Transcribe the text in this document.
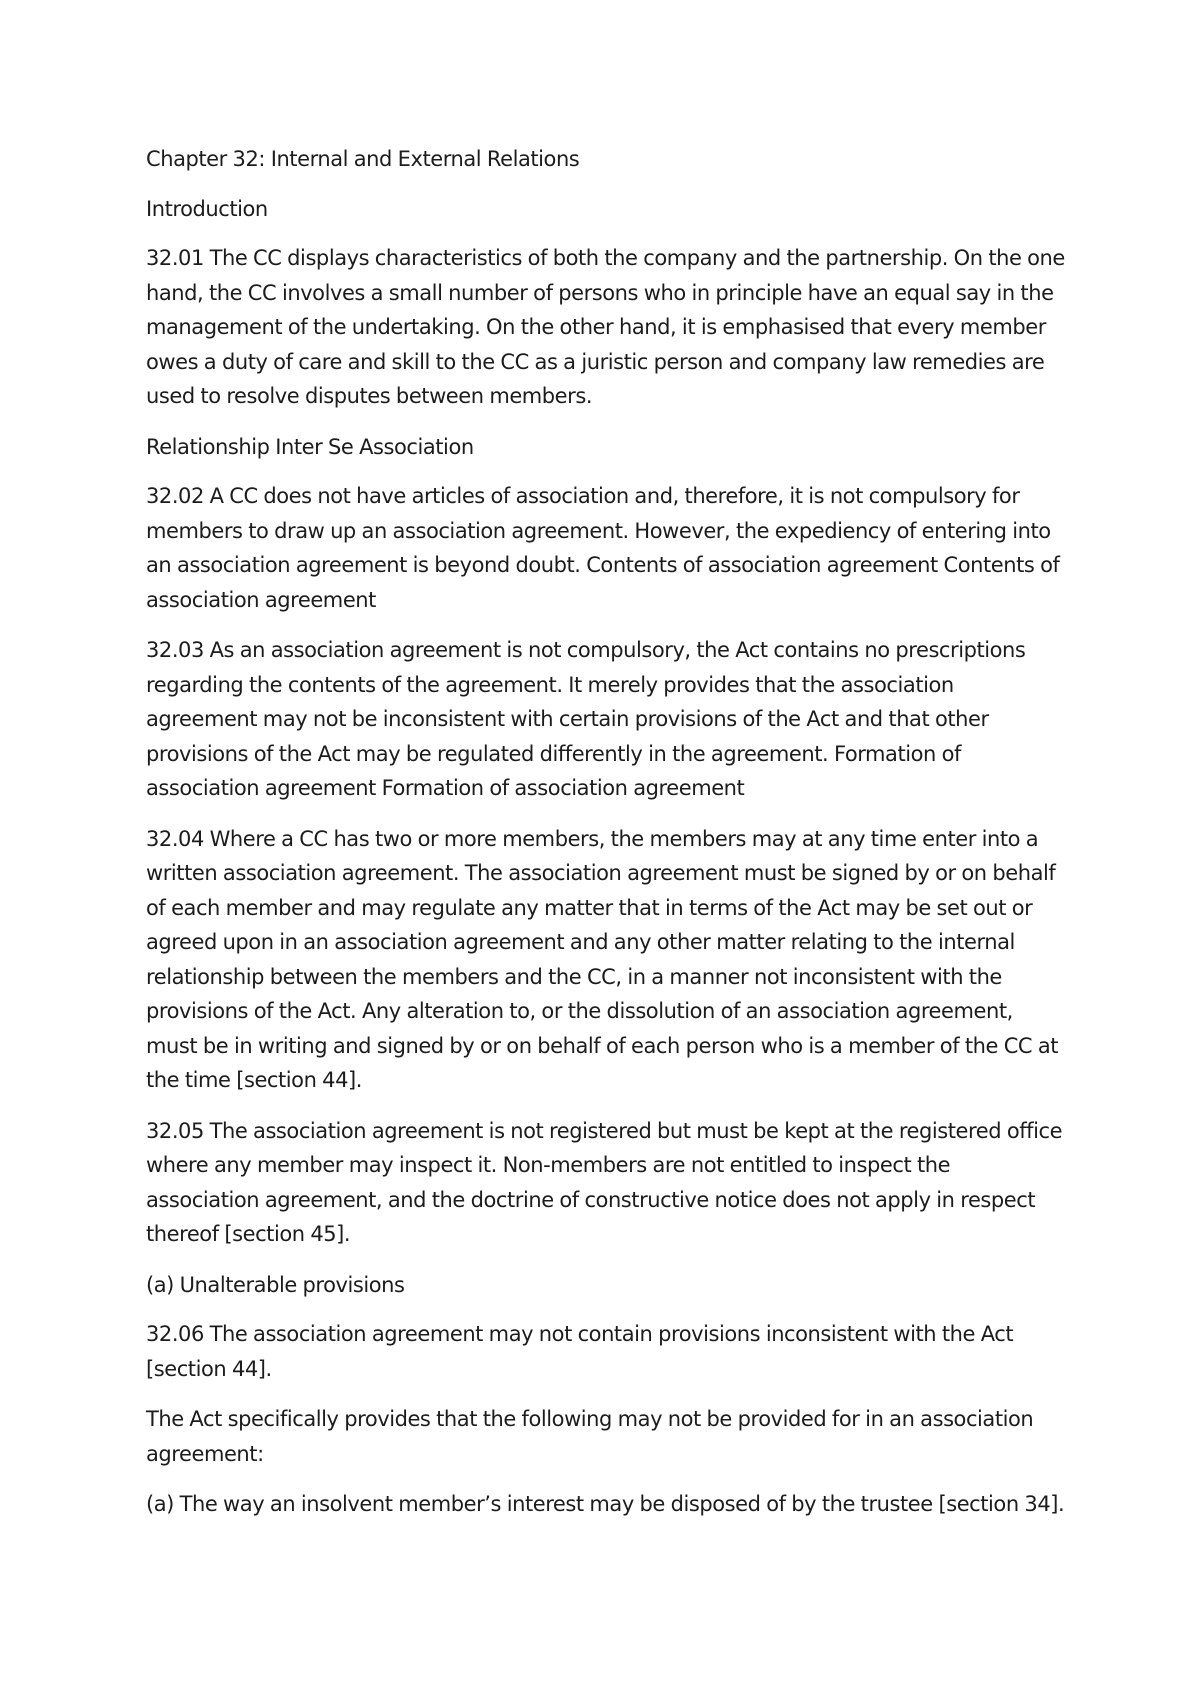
Chapter 32: Internal and External Relations

Introduction

32.01 The CC displays characteristics of both the company and the partnership. On the one hand, the CC involves a small number of persons who in principle have an equal say in the management of the undertaking. On the other hand, it is emphasised that every member owes a duty of care and skill to the CC as a juristic person and company law remedies are used to resolve disputes between members.

Relationship Inter Se Association

32.02 A CC does not have articles of association and, therefore, it is not compulsory for members to draw up an association agreement. However, the expediency of entering into an association agreement is beyond doubt. Contents of association agreement Contents of association agreement

32.03 As an association agreement is not compulsory, the Act contains no prescriptions regarding the contents of the agreement. It merely provides that the association agreement may not be inconsistent with certain provisions of the Act and that other provisions of the Act may be regulated differently in the agreement. Formation of association agreement Formation of association agreement

32.04 Where a CC has two or more members, the members may at any time enter into a written association agreement. The association agreement must be signed by or on behalf of each member and may regulate any matter that in terms of the Act may be set out or agreed upon in an association agreement and any other matter relating to the internal relationship between the members and the CC, in a manner not inconsistent with the provisions of the Act. Any alteration to, or the dissolution of an association agreement, must be in writing and signed by or on behalf of each person who is a member of the CC at the time [section 44].

32.05 The association agreement is not registered but must be kept at the registered office where any member may inspect it. Non-members are not entitled to inspect the association agreement, and the doctrine of constructive notice does not apply in respect thereof [section 45].

(a) Unalterable provisions

32.06 The association agreement may not contain provisions inconsistent with the Act [section 44].

The Act specifically provides that the following may not be provided for in an association agreement:

(a) The way an insolvent member’s interest may be disposed of by the trustee [section 34].
